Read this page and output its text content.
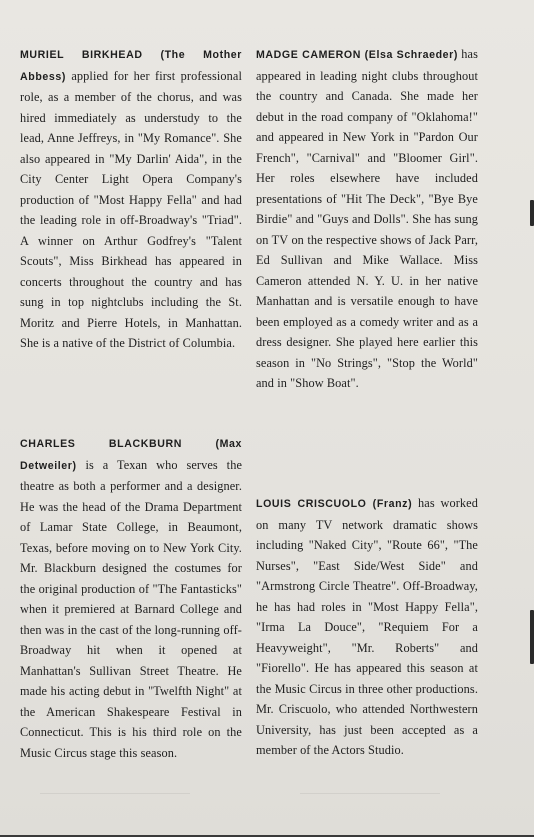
MURIEL BIRKHEAD (The Mother Abbess) applied for her first professional role, as a member of the chorus, and was hired immediately as understudy to the lead, Anne Jeffreys, in "My Romance". She also appeared in "My Darlin' Aida", in the City Center Light Opera Company's production of "Most Happy Fella" and had the leading role in off-Broadway's "Triad". A winner on Arthur Godfrey's "Talent Scouts", Miss Birkhead has appeared in concerts throughout the country and has sung in top nightclubs including the St. Moritz and Pierre Hotels, in Manhattan. She is a native of the District of Columbia.

MADGE CAMERON (Elsa Schraeder) has appeared in leading night clubs throughout the country and Canada. She made her debut in the road company of "Oklahoma!" and appeared in New York in "Pardon Our French", "Carnival" and "Bloomer Girl". Her roles elsewhere have included presentations of "Hit The Deck", "Bye Bye Birdie" and "Guys and Dolls". She has sung on TV on the respective shows of Jack Parr, Ed Sullivan and Mike Wallace. Miss Cameron attended N. Y. U. in her native Manhattan and is versatile enough to have been employed as a comedy writer and as a dress designer. She played here earlier this season in "No Strings", "Stop the World" and in "Show Boat".

CHARLES BLACKBURN (Max Detweiler) is a Texan who serves the theatre as both a performer and a designer. He was the head of the Drama Department of Lamar State College, in Beaumont, Texas, before moving on to New York City. Mr. Blackburn designed the costumes for the original production of "The Fantasticks" when it premiered at Barnard College and then was in the cast of the long-running off-Broadway hit when it opened at Manhattan's Sullivan Street Theatre. He made his acting debut in "Twelfth Night" at the American Shakespeare Festival in Connecticut. This is his third role on the Music Circus stage this season.

LOUIS CRISCUOLO (Franz) has worked on many TV network dramatic shows including "Naked City", "Route 66", "The Nurses", "East Side/West Side" and "Armstrong Circle Theatre". Off-Broadway, he has had roles in "Most Happy Fella", "Irma La Douce", "Requiem For a Heavyweight", "Mr. Roberts" and "Fiorello". He has appeared this season at the Music Circus in three other productions. Mr. Criscuolo, who attended Northwestern University, has just been accepted as a member of the Actors Studio.
